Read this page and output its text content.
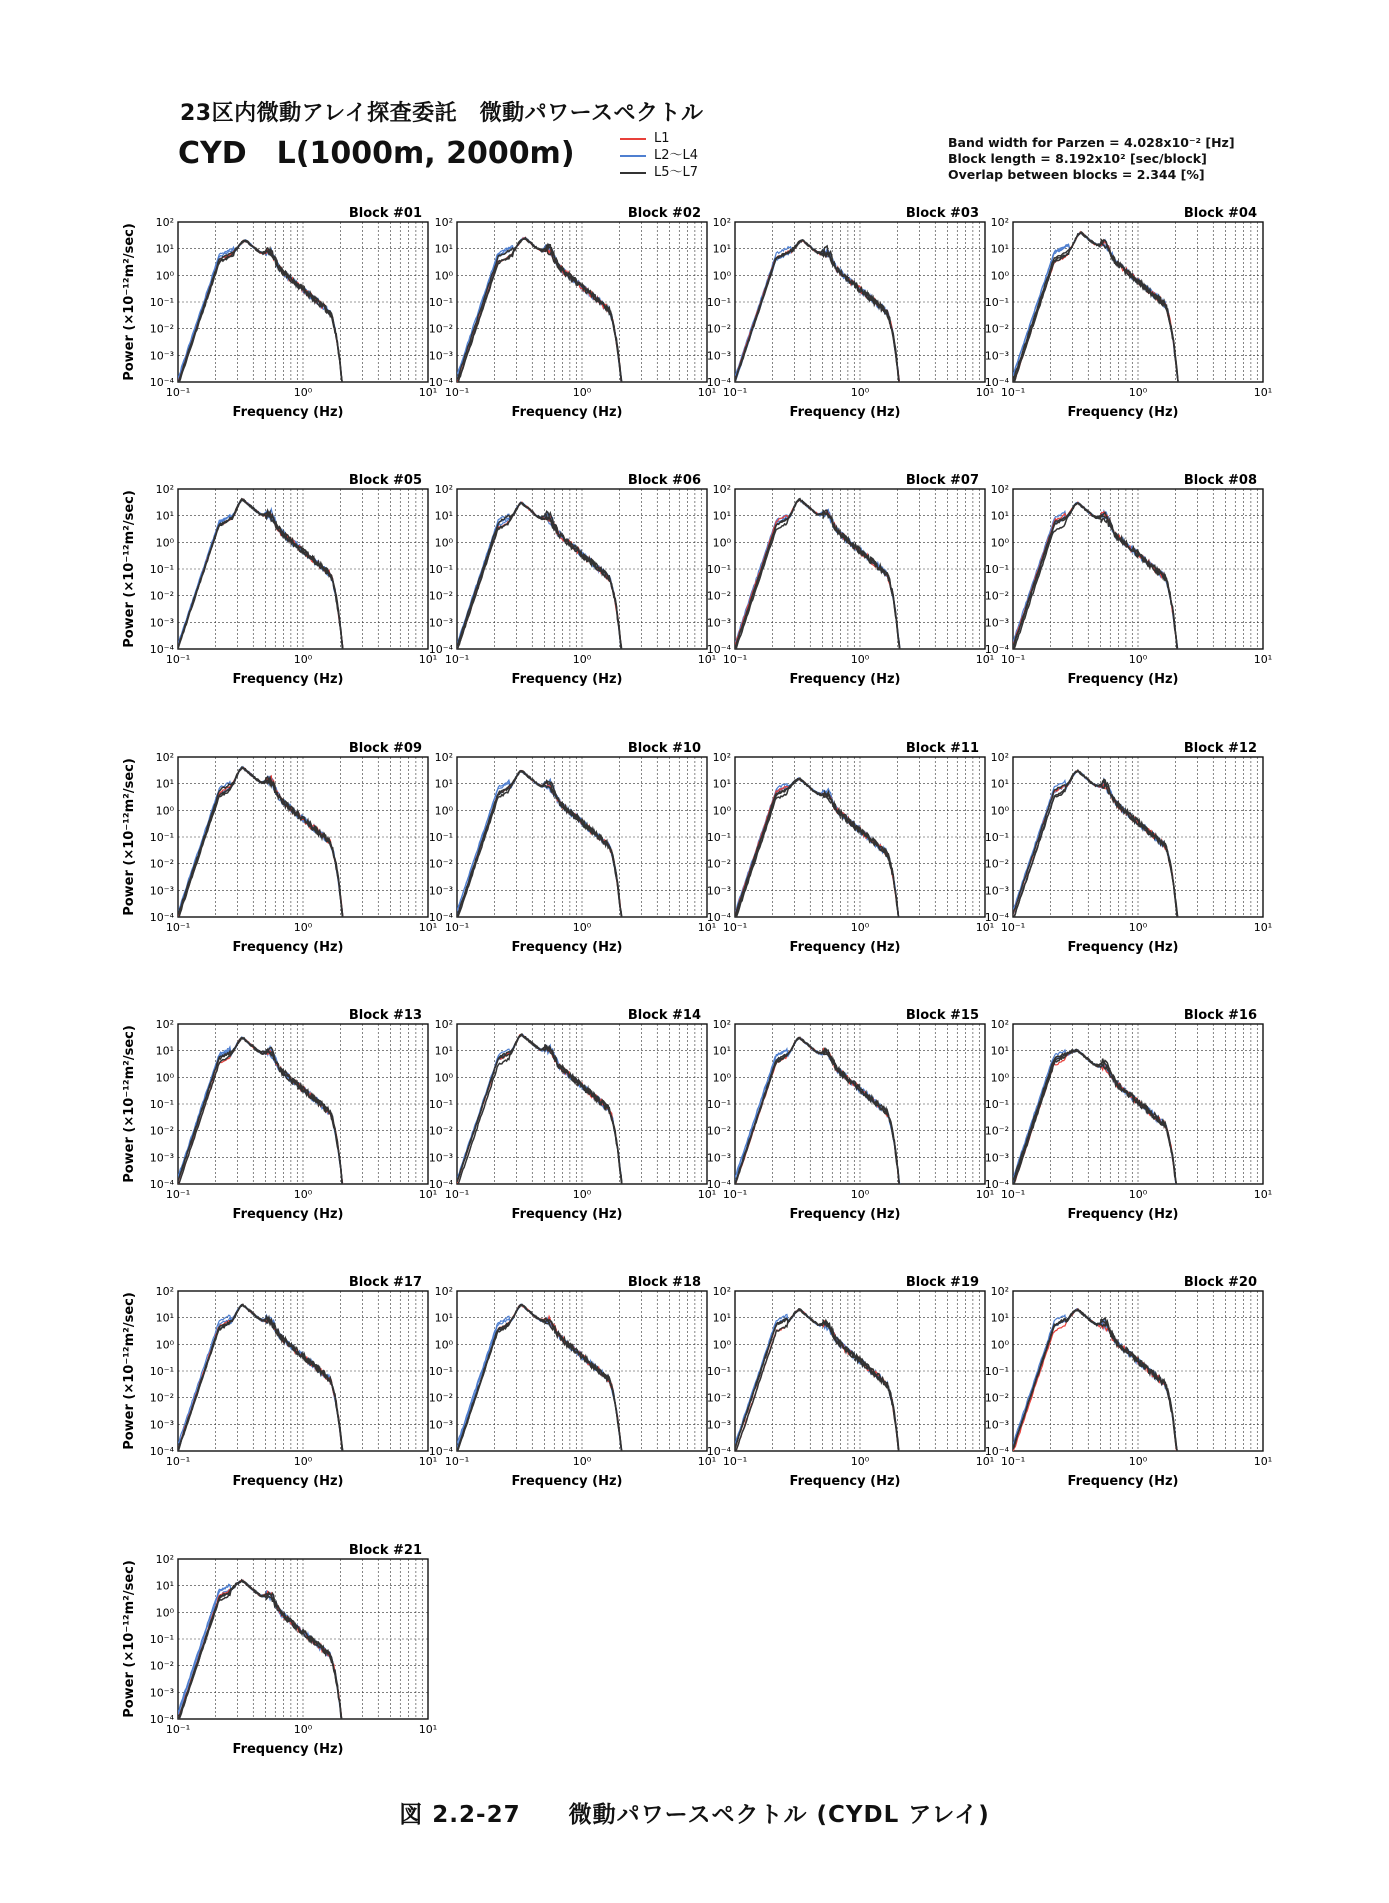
23区内微動アレイ探査委託　微動パワースペクトル
CYD　L(1000m, 2000m)	L1
L2～L4
L5～L7
Band width for Parzen = 4.028x10⁻² [Hz]
Block length = 8.192x10² [sec/block]
Overlap between blocks = 2.344 [%]
Block #01
10²
10¹
10⁰
10⁻¹
10⁻²
10⁻³
10⁻⁴
10⁻¹	10⁰	10¹
Frequency (Hz)
Power (×10⁻¹²m²/sec)
Block #02
10²
10¹
10⁰
10⁻¹
10⁻²
10⁻³
10⁻⁴
10⁻¹	10⁰	10¹
Frequency (Hz)
Block #03
10²
10¹
10⁰
10⁻¹
10⁻²
10⁻³
10⁻⁴
10⁻¹	10⁰	10¹
Frequency (Hz)
Block #04
10²
10¹
10⁰
10⁻¹
10⁻²
10⁻³
10⁻⁴
10⁻¹	10⁰	10¹
Frequency (Hz)
Block #05
10²
10¹
10⁰
10⁻¹
10⁻²
10⁻³
10⁻⁴
10⁻¹	10⁰	10¹
Frequency (Hz)
Power (×10⁻¹²m²/sec)
Block #06
10²
10¹
10⁰
10⁻¹
10⁻²
10⁻³
10⁻⁴
10⁻¹	10⁰	10¹
Frequency (Hz)
Block #07
10²
10¹
10⁰
10⁻¹
10⁻²
10⁻³
10⁻⁴
10⁻¹	10⁰	10¹
Frequency (Hz)
Block #08
10²
10¹
10⁰
10⁻¹
10⁻²
10⁻³
10⁻⁴
10⁻¹	10⁰	10¹
Frequency (Hz)
Block #09
10²
10¹
10⁰
10⁻¹
10⁻²
10⁻³
10⁻⁴
10⁻¹	10⁰	10¹
Frequency (Hz)
Power (×10⁻¹²m²/sec)
Block #10
10²
10¹
10⁰
10⁻¹
10⁻²
10⁻³
10⁻⁴
10⁻¹	10⁰	10¹
Frequency (Hz)
Block #11
10²
10¹
10⁰
10⁻¹
10⁻²
10⁻³
10⁻⁴
10⁻¹	10⁰	10¹
Frequency (Hz)
Block #12
10²
10¹
10⁰
10⁻¹
10⁻²
10⁻³
10⁻⁴
10⁻¹	10⁰	10¹
Frequency (Hz)
Block #13
10²
10¹
10⁰
10⁻¹
10⁻²
10⁻³
10⁻⁴
10⁻¹	10⁰	10¹
Frequency (Hz)
Power (×10⁻¹²m²/sec)
Block #14
10²
10¹
10⁰
10⁻¹
10⁻²
10⁻³
10⁻⁴
10⁻¹	10⁰	10¹
Frequency (Hz)
Block #15
10²
10¹
10⁰
10⁻¹
10⁻²
10⁻³
10⁻⁴
10⁻¹	10⁰	10¹
Frequency (Hz)
Block #16
10²
10¹
10⁰
10⁻¹
10⁻²
10⁻³
10⁻⁴
10⁻¹	10⁰	10¹
Frequency (Hz)
Block #17
10²
10¹
10⁰
10⁻¹
10⁻²
10⁻³
10⁻⁴
10⁻¹	10⁰	10¹
Frequency (Hz)
Power (×10⁻¹²m²/sec)
Block #18
10²
10¹
10⁰
10⁻¹
10⁻²
10⁻³
10⁻⁴
10⁻¹	10⁰	10¹
Frequency (Hz)
Block #19
10²
10¹
10⁰
10⁻¹
10⁻²
10⁻³
10⁻⁴
10⁻¹	10⁰	10¹
Frequency (Hz)
Block #20
10²
10¹
10⁰
10⁻¹
10⁻²
10⁻³
10⁻⁴
10⁻¹	10⁰	10¹
Frequency (Hz)
Block #21
10²
10¹
10⁰
10⁻¹
10⁻²
10⁻³
10⁻⁴
10⁻¹	10⁰	10¹
Frequency (Hz)
Power (×10⁻¹²m²/sec)
図 2.2-27　　微動パワースペクトル (CYDL アレイ)
